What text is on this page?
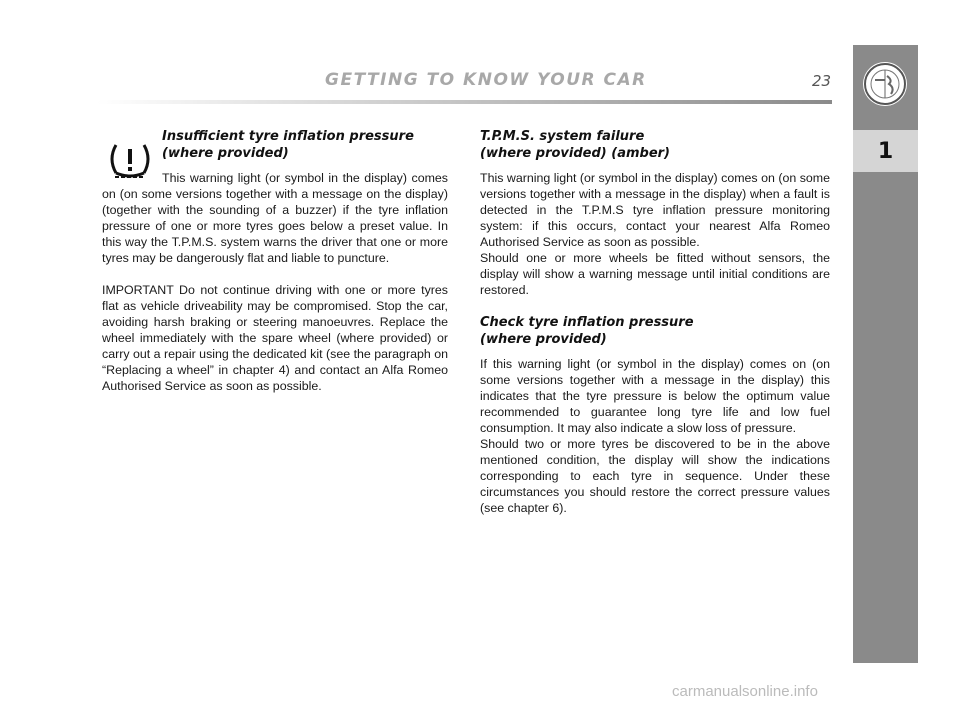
GETTING TO KNOW YOUR CAR	23
1
Insufficient tyre inflation pressure
(where provided)

This warning light (or symbol in the display) comes on (on some versions together with a message on the display) (together with the sounding of a buzzer) if the tyre inflation pressure of one or more tyres goes below a preset value. In this way the T.P.M.S. system warns the driver that one or more tyres may be dangerously flat and liable to puncture.

IMPORTANT Do not continue driving with one or more tyres flat as vehicle driveability may be compromised. Stop the car, avoiding harsh braking or steering manoeuvres. Replace the wheel immediately with the spare wheel (where provided) or carry out a repair using the dedicated kit (see the paragraph on “Replacing a wheel” in chapter 4) and contact an Alfa Romeo Authorised Service as soon as possible.

T.P.M.S. system failure
(where provided) (amber)

This warning light (or symbol in the display) comes on (on some versions together with a message in the display) when a fault is detected in the T.P.M.S tyre inflation pressure monitoring system: if this occurs, contact your nearest Alfa Romeo Authorised Service as soon as possible.

Should one or more wheels be fitted without sensors, the display will show a warning message until initial conditions are restored.

Check tyre inflation pressure
(where provided)

If this warning light (or symbol in the display) comes on (on some versions together with a message in the display) this indicates that the tyre pressure is below the optimum value recommended to guarantee long tyre life and low fuel consumption. It may also indicate a slow loss of pressure.

Should two or more tyres be discovered to be in the above mentioned condition, the display will show the indications corresponding to each tyre in sequence. Under these circumstances you should restore the correct pressure values (see chapter 6).

carmanualsonline.info
